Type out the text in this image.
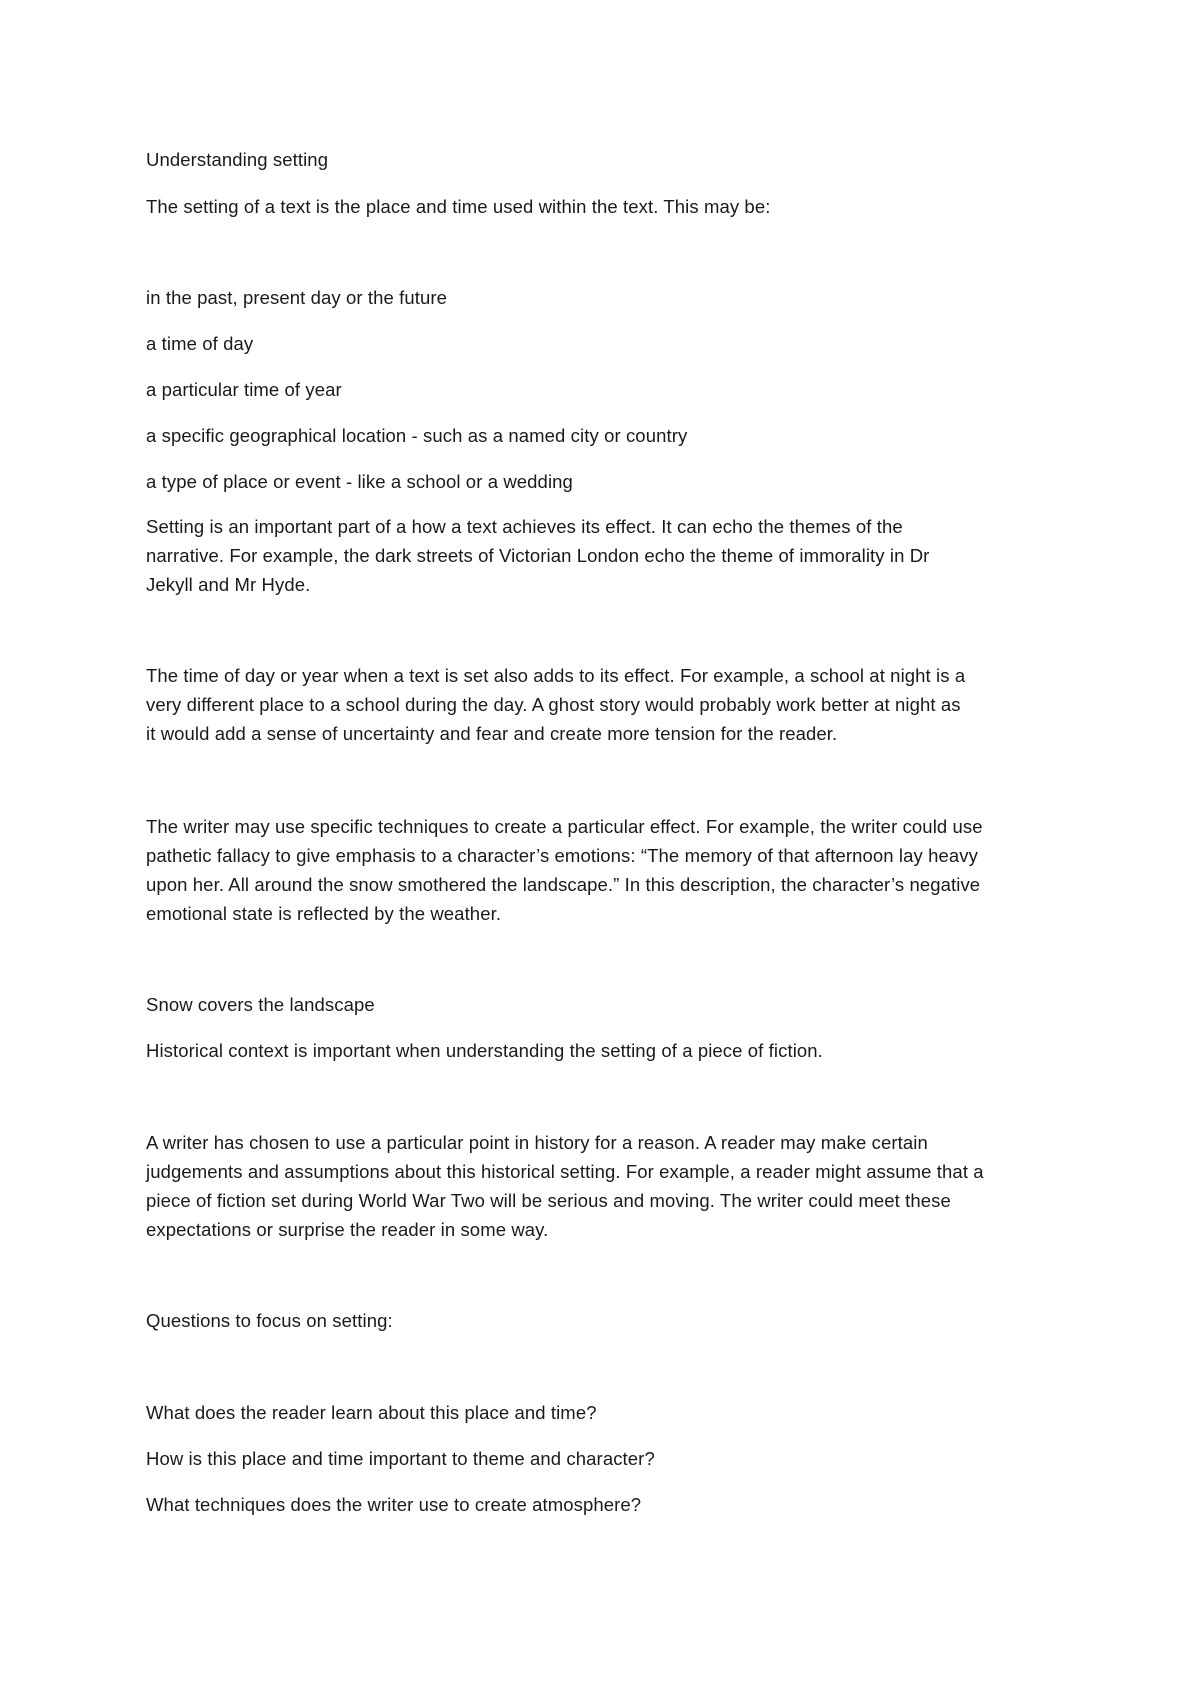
Understanding setting
The setting of a text is the place and time used within the text. This may be:
in the past, present day or the future
a time of day
a particular time of year
a specific geographical location - such as a named city or country
a type of place or event - like a school or a wedding
Setting is an important part of a how a text achieves its effect. It can echo the themes of the
narrative. For example, the dark streets of Victorian London echo the theme of immorality in Dr
Jekyll and Mr Hyde.
The time of day or year when a text is set also adds to its effect. For example, a school at night is a
very different place to a school during the day. A ghost story would probably work better at night as
it would add a sense of uncertainty and fear and create more tension for the reader.
The writer may use specific techniques to create a particular effect. For example, the writer could use
pathetic fallacy to give emphasis to a character’s emotions: “The memory of that afternoon lay heavy
upon her. All around the snow smothered the landscape.” In this description, the character’s negative
emotional state is reflected by the weather.
Snow covers the landscape
Historical context is important when understanding the setting of a piece of fiction.
A writer has chosen to use a particular point in history for a reason. A reader may make certain
judgements and assumptions about this historical setting. For example, a reader might assume that a
piece of fiction set during World War Two will be serious and moving. The writer could meet these
expectations or surprise the reader in some way.
Questions to focus on setting:
What does the reader learn about this place and time?
How is this place and time important to theme and character?
What techniques does the writer use to create atmosphere?
